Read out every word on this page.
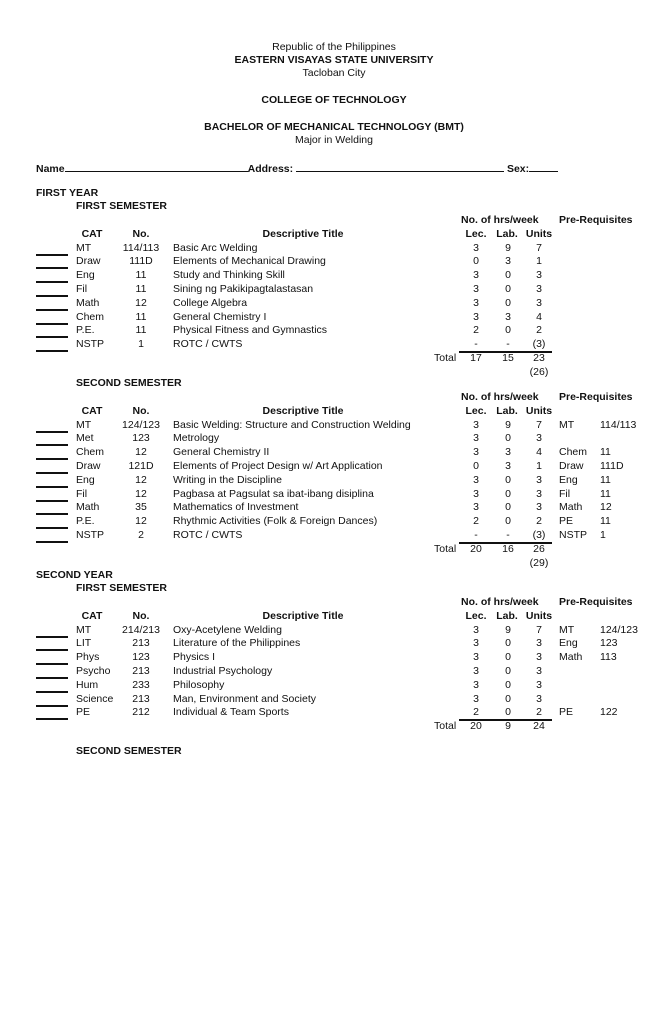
Republic of the Philippines
EASTERN VISAYAS STATE UNIVERSITY
Tacloban City
COLLEGE OF TECHNOLOGY
BACHELOR OF MECHANICAL TECHNOLOGY (BMT)
Major in Welding
Name	Address:	Sex:
FIRST YEAR
FIRST SEMESTER
No. of hrs/week Pre-Requisites
CAT	No.	Descriptive Title	Lec. Lab. Units
MT	114/113	Basic Arc Welding	3	9	7
Draw	111D	Elements of Mechanical Drawing	0	3	1
Eng	11	Study and Thinking Skill	3	0	3
Fil	11	Sining ng Pakikipagtalastasan	3	0	3
Math	12	College Algebra	3	0	3
Chem	11	General Chemistry I	3	3	4
P.E.	11	Physical Fitness and Gymnastics	2	0	2
NSTP	1	ROTC / CWTS	-	-	(3)
Total	17	15	23
(26)
SECOND SEMESTER
No. of hrs/week Pre-Requisites
CAT	No.	Descriptive Title	Lec. Lab. Units
MT	124/123	Basic Welding: Structure and Construction Welding	3	9	7	MT 114/113
Met	123	Metrology	3	0	3
Chem	12	General Chemistry II	3	3	4	Chem 11
Draw	121D	Elements of Project Design w/ Art Application	0	3	1	Draw 111D
Eng	12	Writing in the Discipline	3	0	3	Eng 11
Fil	12	Pagbasa at Pagsulat sa ibat-ibang disiplina	3	0	3	Fil	11
Math	35	Mathematics of Investment	3	0	3	Math 12
P.E.	12	Rhythmic Activities (Folk & Foreign Dances)	2	0	2	PE	11
NSTP	2	ROTC / CWTS	-	-	(3)	NSTP 1
Total	20	16	26
(29)
SECOND YEAR
FIRST SEMESTER
No. of hrs/week Pre-Requisites
CAT	No.	Descriptive Title	Lec. Lab. Units
MT	214/213	Oxy-Acetylene Welding	3	9	7	MT 124/123
LIT	213	Literature of the Philippines	3	0	3	Eng 123
Phys	123	Physics I	3	0	3	Math 113
Psycho	213	Industrial Psychology	3	0	3
Hum	233	Philosophy	3	0	3
Science	213	Man, Environment and Society	3	0	3
PE	212	Individual & Team Sports	2	0	2	PE	122
Total	20	9	24
SECOND SEMESTER
